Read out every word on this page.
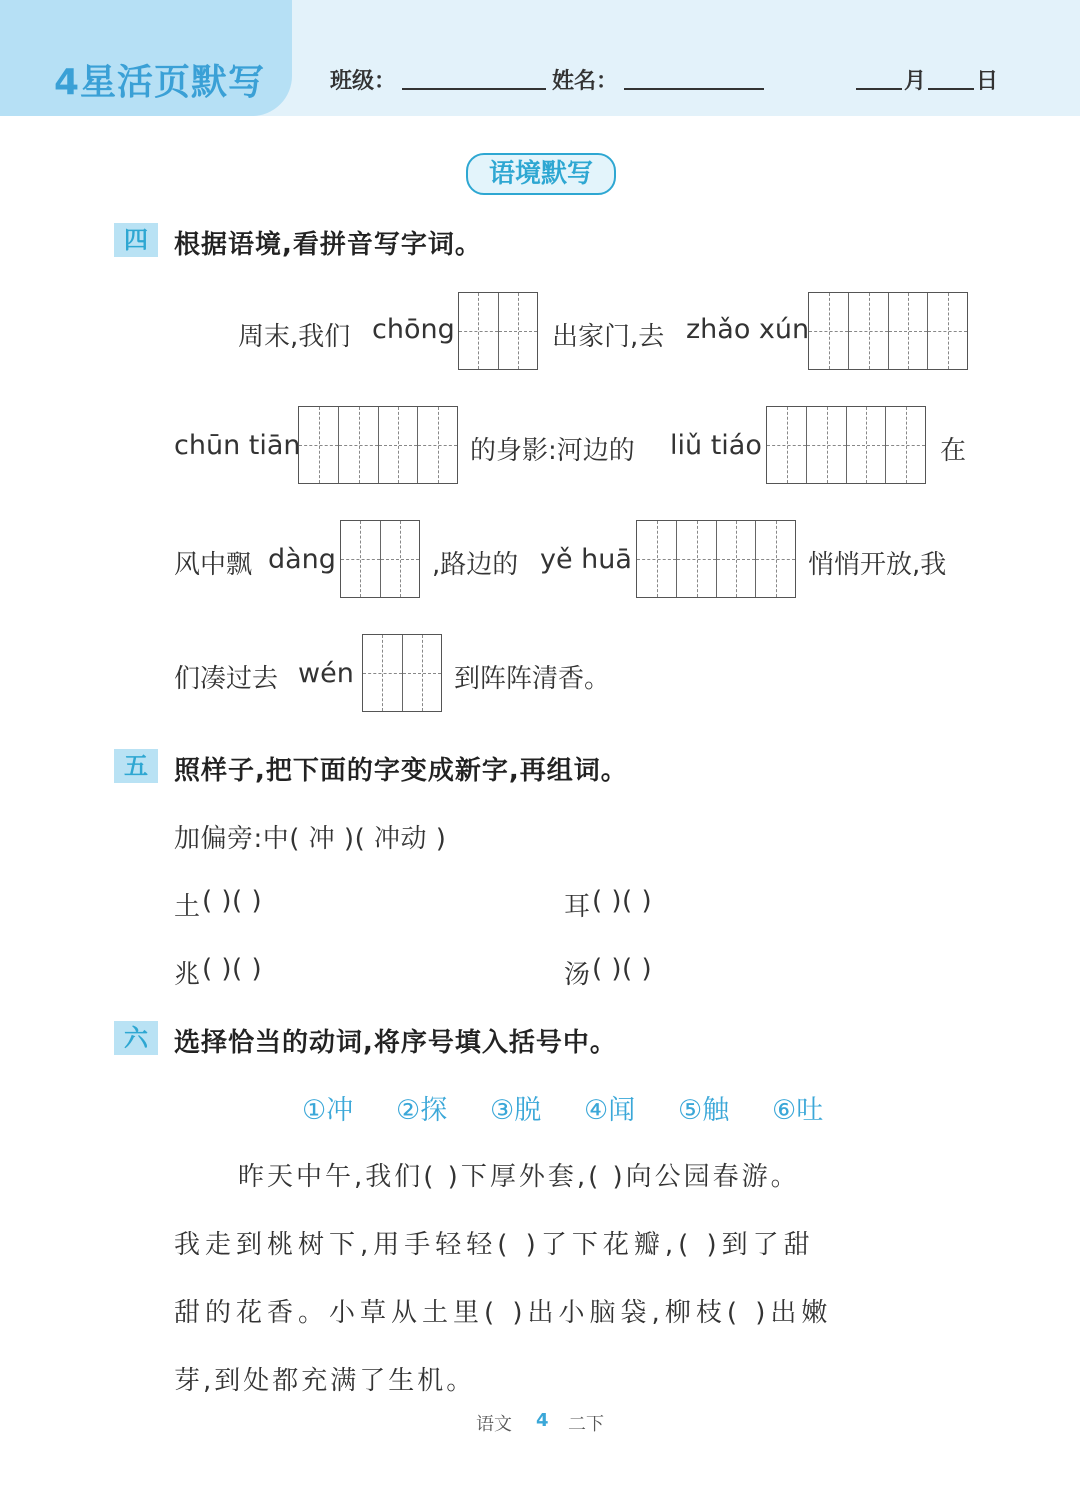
4星活页默写	班级：	姓名：	月 日
语境默写
四	根据语境,看拼音写字词。
周末,我们 chōng	出家门,去 zhǎo xún
chūn tiān	的身影:河边的 liǔ tiáo	在
风中飘 dàng	,路边的 yě huā	悄悄开放,我
们凑过去 wén	到阵阵清香。
五	照样子,把下面的字变成新字,再组词。
加偏旁:中( 冲 )( 冲动 )
土 ( )( )	耳 ( )( )
兆 ( )( )	汤 ( )( )
六	选择恰当的动词,将序号填入括号中。
①冲 ②探 ③脱 ④闻 ⑤触 ⑥吐
昨天中午,我们( )下厚外套,( )向公园春游。
我走到桃树下,用手轻轻( )了下花瓣,( )到了甜
甜的花香。小草从土里( )出小脑袋,柳枝( )出嫩
芽,到处都充满了生机。
语文 4 二下
